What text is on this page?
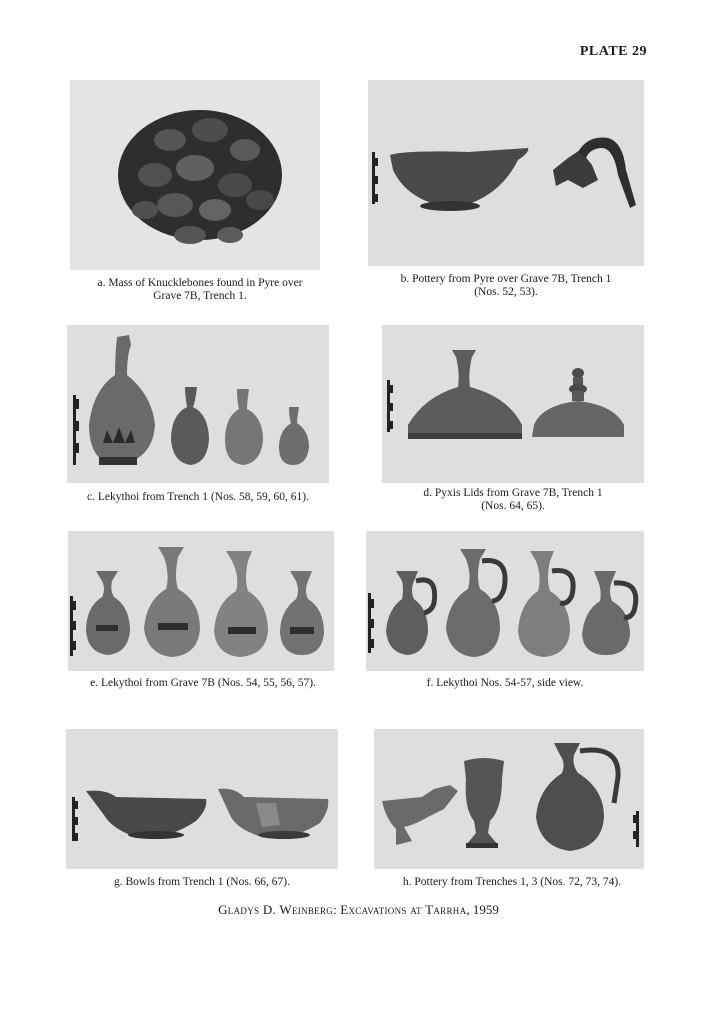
PLATE 29
a. Mass of Knucklebones found in Pyre over
Grave 7B, Trench 1.
b. Pottery from Pyre over Grave 7B, Trench 1
(Nos. 52, 53).
c. Lekythoi from Trench 1 (Nos. 58, 59, 60, 61).	d. Pyxis Lids from Grave 7B, Trench 1
(Nos. 64, 65).
e. Lekythoi from Grave 7B (Nos. 54, 55, 56, 57).	f. Lekythoi Nos. 54-57, side view.
g. Bowls from Trench 1 (Nos. 66, 67).	h. Pottery from Trenches 1, 3 (Nos. 72, 73, 74).
Gladys D. Weinberg: Excavations at Tarrha, 1959
